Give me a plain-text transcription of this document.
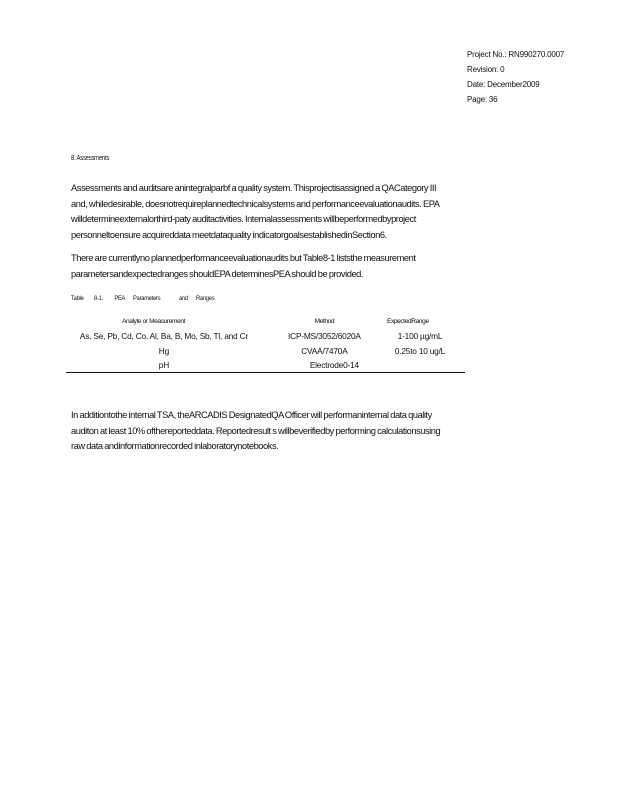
Project No.: RN990270.0007
Revision: 0
Date: December2009
Page: 36
8. Assessments

Assessments and auditsare anintegralparbf a quality system. Thisprojectisassigned a QACategory III
and, whiledesirable, doesnotrequireplannedtechnicalsystems and performanceevaluationaudits. EPA
willdetermineexternalorthird-paty auditactivities. Internalassessments willbeperformedbyproject
personneltoensure acquireddata meetdataquality indicatorgoalsestablishedinSection6.

There are currentlyno plannedperformanceevaluationaudits but Table8-1 liststhe measurement
parametersandexpectedranges shouldEPA determinesPEA should be provided.

Table 8-1. PEA Parameters	and Ranges
Analyte or Measurement	Method	ExpectedRange
As, Se, Pb, Cd, Co, Al, Ba, B, Mo, Sb, Tl, and Cr	ICP-MS/3052/6020A	1-100 µg/mL
Hg	CVAA/7470A	0.25to 10 ug/L
pH	Electrode0-14	

In additiontothe internal TSA, theARCADIS DesignatedQA Officer will performaninternal data quality
auditon at least 10% ofthereporteddata. Reportedresult s willbeverifiedby performing calculationsusing
raw data andinformationrecorded inlaboratorynotebooks.
